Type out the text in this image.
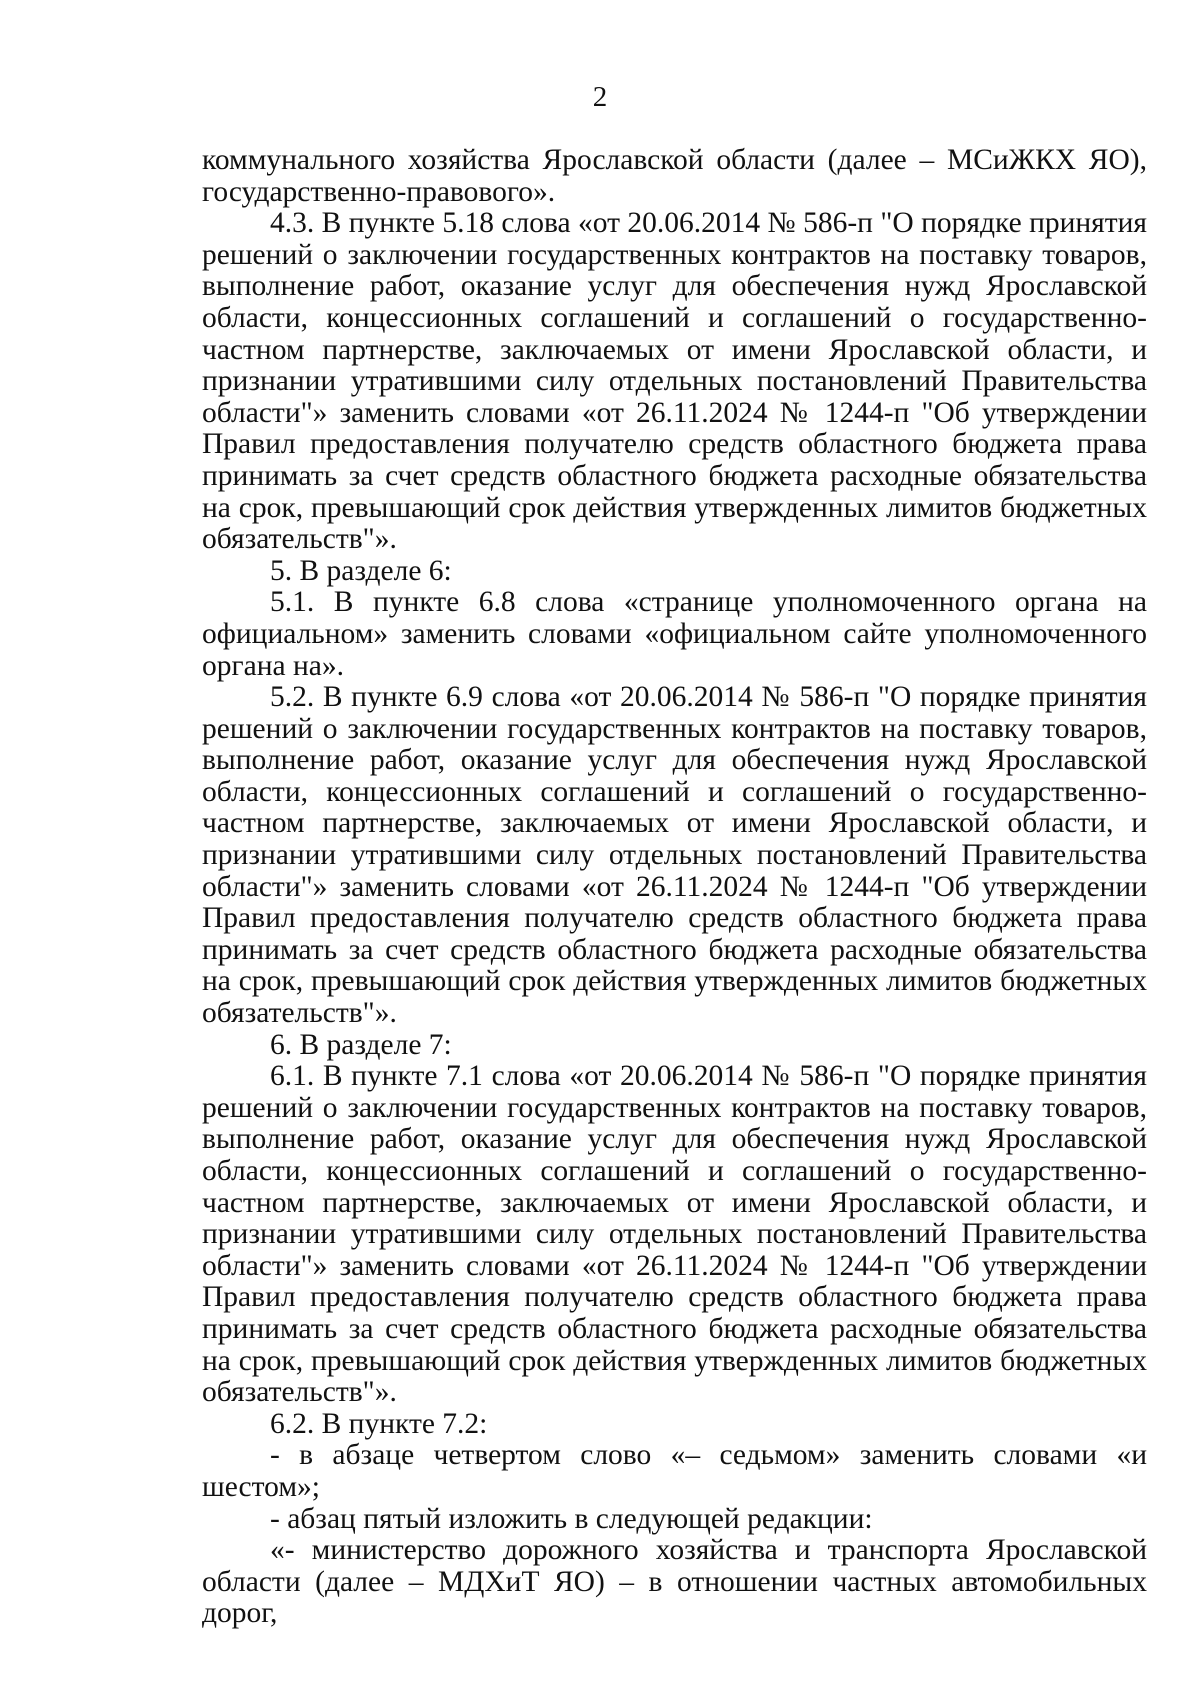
2

коммунального хозяйства Ярославской области (далее – МСиЖКХ ЯО), государственно-правового».

4.3. В пункте 5.18 слова «от 20.06.2014 № 586-п "О порядке принятия решений о заключении государственных контрактов на поставку товаров, выполнение работ, оказание услуг для обеспечения нужд Ярославской области, концессионных соглашений и соглашений о государственно-частном партнерстве, заключаемых от имени Ярославской области, и признании утратившими силу отдельных постановлений Правительства области"» заменить словами «от 26.11.2024 № 1244-п "Об утверждении Правил предоставления получателю средств областного бюджета права принимать за счет средств областного бюджета расходные обязательства на срок, превышающий срок действия утвержденных лимитов бюджетных обязательств"».

5. В разделе 6:

5.1. В пункте 6.8 слова «странице уполномоченного органа на официальном» заменить словами «официальном сайте уполномоченного органа на».

5.2. В пункте 6.9 слова «от 20.06.2014 № 586-п "О порядке принятия решений о заключении государственных контрактов на поставку товаров, выполнение работ, оказание услуг для обеспечения нужд Ярославской области, концессионных соглашений и соглашений о государственно-частном партнерстве, заключаемых от имени Ярославской области, и признании утратившими силу отдельных постановлений Правительства области"» заменить словами «от 26.11.2024 № 1244-п "Об утверждении Правил предоставления получателю средств областного бюджета права принимать за счет средств областного бюджета расходные обязательства на срок, превышающий срок действия утвержденных лимитов бюджетных обязательств"».

6. В разделе 7:

6.1. В пункте 7.1 слова «от 20.06.2014 № 586-п "О порядке принятия решений о заключении государственных контрактов на поставку товаров, выполнение работ, оказание услуг для обеспечения нужд Ярославской области, концессионных соглашений и соглашений о государственно-частном партнерстве, заключаемых от имени Ярославской области, и признании утратившими силу отдельных постановлений Правительства области"» заменить словами «от 26.11.2024 № 1244-п "Об утверждении Правил предоставления получателю средств областного бюджета права принимать за счет средств областного бюджета расходные обязательства на срок, превышающий срок действия утвержденных лимитов бюджетных обязательств"».

6.2. В пункте 7.2:

- в абзаце четвертом слово «– седьмом» заменить словами «и шестом»;

- абзац пятый изложить в следующей редакции:

«- министерство дорожного хозяйства и транспорта Ярославской области (далее – МДХиТ ЯО) – в отношении частных автомобильных дорог,
